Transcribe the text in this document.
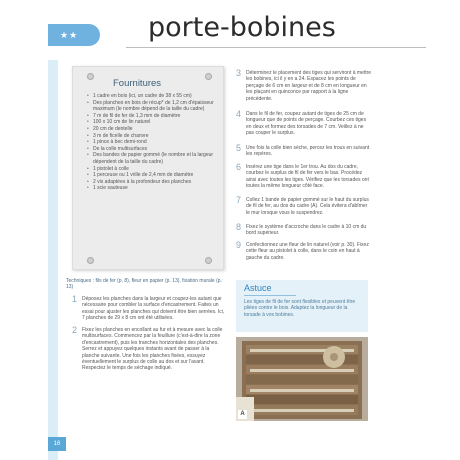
16
★★	porte-bobines
Fournitures
• 1 cadre en bois (ici, un cadre de 38 x 55 cm)
• Des planches en bois de récup* de 1,2 cm d'épaisseur maximum (le nombre dépend de la taille du cadre)
• 7 m de fil de fer de 1,3 mm de diamètre
• 100 x 10 cm de lin naturel
• 20 cm de dentelle
• 3 m de ficelle de chanvre
• 1 pince à bec demi-rond
• De la colle multisurfaces
• Des bandes de papier gommé (le nombre et la largeur dépendent de la taille du cadre)
• 1 pistolet à colle
• 1 perceuse ou 1 vrille de 2,4 mm de diamètre
• 2 vis adaptées à la profondeur des planches
• 1 scie sauteuse
Techniques : fils de fer (p. 8), fleur en papier (p. 13), fixation murale (p. 13)
1 Déposez les planches dans la largeur et coupez-les autant que nécessaire pour combler la surface d'encastrement. Faites un essai pour ajuster les planches qui doivent être bien serrées. Ici, 7 planches de 29 x 8 cm ont été utilisées.
2 Fixez les planches en encollant au fur et à mesure avec la colle multisurfaces. Commencez par la feuillure (c'est-à-dire la zone d'encastrement), puis les tranches horizontales des planches. Serrez et appuyez quelques instants avant de passer à la planche suivante. Une fois les planches fixées, essuyez éventuellement le surplus de colle au dos et sur l'avant. Respectez le temps de séchage indiqué.
3 Déterminez le placement des tiges qui serviront à mettre les bobines, ici il y en a 24. Espacez les points de perçage de 6 cm en largeur et de 8 cm en longueur en les plaçant en quinconce par rapport à la ligne précédente.
4 Dans le fil de fer, coupez autant de tiges de 25 cm de longueur que de points de perçage. Courbez ces tiges en deux et formez des torsades de 7 cm. Veillez à ne pas couper le surplus.
5 Une fois la colle bien sèche, percez les trous en suivant les repères.
6 Insérez une tige dans le 1er trou. Au dos du cadre, courbez le surplus de fil de fer vers le bas. Procédez ainsi avec toutes les tiges. Vérifiez que les torsades ont toutes la même longueur côté face.
7 Collez 1 bande de papier gommé sur le haut du surplus de fil de fer, au dos du cadre (A). Cela évitera d'abîmer le mur lorsque vous le suspendrez.
8 Fixez le système d'accroche dans le cadre à 10 cm du bord supérieur.
9 Confectionnez une fleur de lin naturel (voir p. 30). Fixez cette fleur au pistolet à colle, dans le coin en haut à gauche du cadre.
Astuce
Les tiges de fil de fer sont flexibles et peuvent être pliées contre le bois. Adaptez la longueur de la torsade à vos bobines.
A
